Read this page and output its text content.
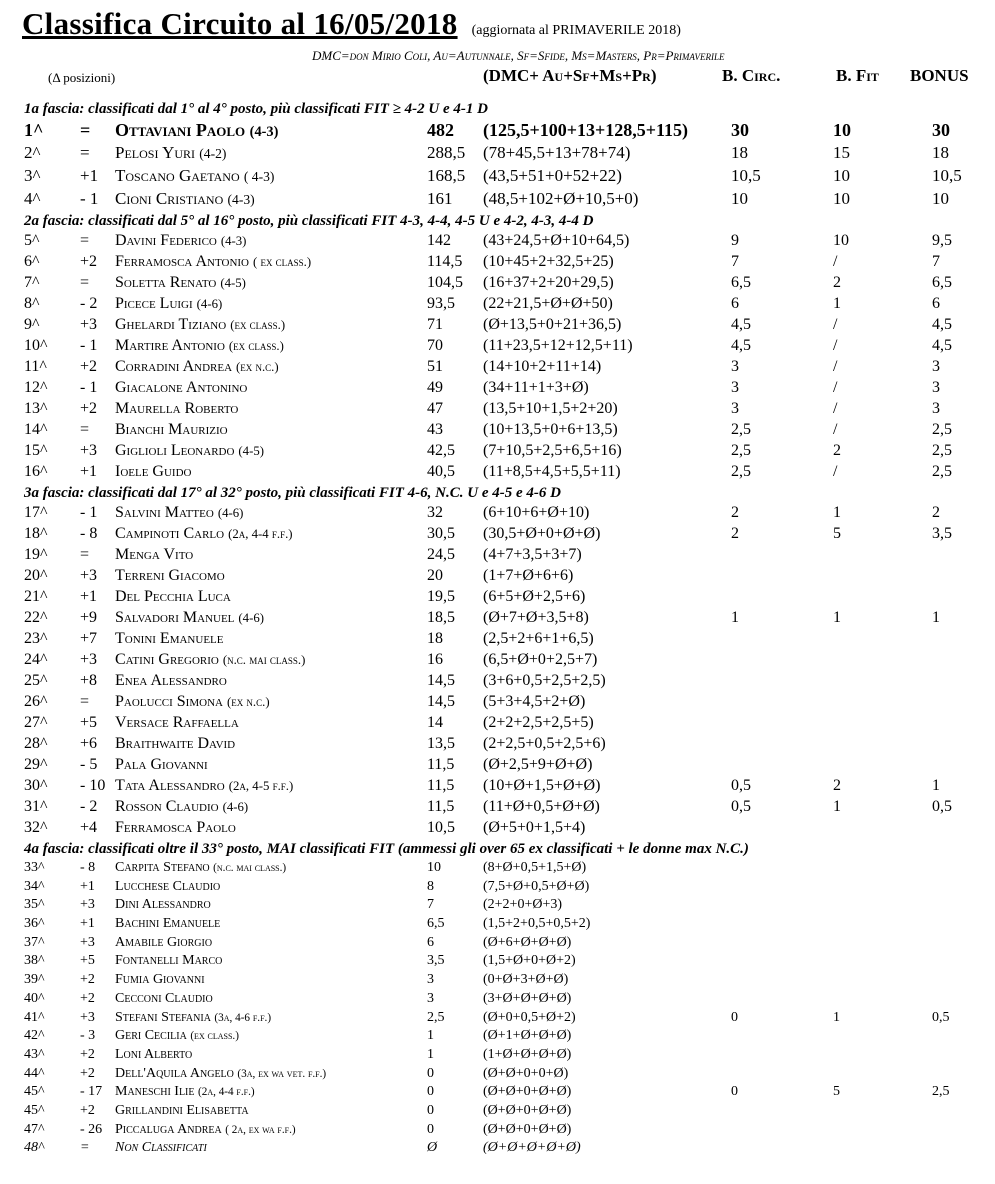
Classifica Circuito al 16/05/2018 (aggiornata al PRIMAVERILE 2018)
DMC=don Mirio Coli, Au=Autunnale, Sf=Sfide, Ms=Masters, Pr=Primaverile
(Δ posizioni)	(DMC+ Au+Sf+Ms+Pr)	B. Circ.	B. Fit BONUS
1a fascia: classificati dal 1° al 4° posto, più classificati FIT ≥ 4-2 U e 4-1 D
1^ = Ottaviani Paolo (4-3)	482 (125,5+100+13+128,5+115) 30	10	30
2^ = Pelosi Yuri (4-2)	288,5 (78+45,5+13+78+74)	18	15	18
3^ +1 Toscano Gaetano ( 4-3)	168,5 (43,5+51+0+52+22)	10,5	10	10,5
4^ - 1 Cioni Cristiano (4-3)	161 (48,5+102+Ø+10,5+0)	10	10	10
2a fascia: classificati dal 5° al 16° posto, più classificati FIT 4-3, 4-4, 4-5 U e 4-2, 4-3, 4-4 D
5^	= Davini Federico (4-3)	142 (43+24,5+Ø+10+64,5)	9	10	9,5
6^	+2 Ferramosca Antonio ( ex class.)	114,5 (10+45+2+32,5+25)	7	/	7
7^	= Soletta Renato (4-5)	104,5 (16+37+2+20+29,5)	6,5	2	6,5
8^	- 2 Picece Luigi (4-6)	93,5 (22+21,5+Ø+Ø+50)	6	1	6
9^	+3 Ghelardi Tiziano (ex class.)	71	(Ø+13,5+0+21+36,5)	4,5	/	4,5
10^ - 1 Martire Antonio (ex class.)	70	(11+23,5+12+12,5+11)	4,5	/	4,5
11^ +2 Corradini Andrea (ex n.c.)	51	(14+10+2+11+14)	3	/	3
12^ - 1 Giacalone Antonino	49	(34+11+1+3+Ø)	3	/	3
13^ +2 Maurella Roberto	47	(13,5+10+1,5+2+20)	3	/	3
14^ = Bianchi Maurizio	43	(10+13,5+0+6+13,5)	2,5	/	2,5
15^ +3 Giglioli Leonardo (4-5)	42,5 (7+10,5+2,5+6,5+16)	2,5	2	2,5
16^ +1 Ioele Guido	40,5 (11+8,5+4,5+5,5+11)	2,5	/	2,5
3a fascia: classificati dal 17° al 32° posto, più classificati FIT 4-6, N.C. U e 4-5 e 4-6 D
17^ - 1 Salvini Matteo (4-6)	32	(6+10+6+Ø+10)	2	1	2
18^ - 8 Campinoti Carlo (2a, 4-4 f.f.)	30,5 (30,5+Ø+0+Ø+Ø)	2	5	3,5
19^ = Menga Vito	24,5 (4+7+3,5+3+7)
20^ +3 Terreni Giacomo	20	(1+7+Ø+6+6)
21^ +1 Del Pecchia Luca	19,5 (6+5+Ø+2,5+6)
22^ +9 Salvadori Manuel (4-6)	18,5 (Ø+7+Ø+3,5+8)	1	1	1
23^ +7 Tonini Emanuele	18	(2,5+2+6+1+6,5)
24^ +3 Catini Gregorio (n.c. mai class.)	16	(6,5+Ø+0+2,5+7)
25^ +8 Enea Alessandro	14,5 (3+6+0,5+2,5+2,5)
26^ = Paolucci Simona (ex n.c.)	14,5 (5+3+4,5+2+Ø)
27^ +5 Versace Raffaella	14	(2+2+2,5+2,5+5)
28^ +6 Braithwaite David	13,5 (2+2,5+0,5+2,5+6)
29^ - 5 Pala Giovanni	11,5 (Ø+2,5+9+Ø+Ø)
30^ - 10 Tata Alessandro (2a, 4-5 f.f.)	11,5 (10+Ø+1,5+Ø+Ø)	0,5	2	1
31^ - 2 Rosson Claudio (4-6)	11,5 (11+Ø+0,5+Ø+Ø)	0,5	1	0,5
32^ +4 Ferramosca Paolo	10,5 (Ø+5+0+1,5+4)
4a fascia: classificati oltre il 33° posto, MAI classificati FIT (ammessi gli over 65 ex classificati + le donne max N.C.)
33^	- 8 Carpita Stefano (n.c. mai class.)	10	(8+Ø+0,5+1,5+Ø)
34^	+1 Lucchese Claudio	8	(7,5+Ø+0,5+Ø+Ø)
35^	+3 Dini Alessandro	7	(2+2+0+Ø+3)
36^	+1 Bachini Emanuele	6,5	(1,5+2+0,5+0,5+2)
37^	+3 Amabile Giorgio	6	(Ø+6+Ø+Ø+Ø)
38^	+5 Fontanelli Marco	3,5	(1,5+Ø+0+Ø+2)
39^	+2 Fumia Giovanni	3	(0+Ø+3+Ø+Ø)
40^	+2 Cecconi Claudio	3	(3+Ø+Ø+Ø+Ø)
41^	+3 Stefani Stefania (3a, 4-6 f.f.)	2,5	(Ø+0+0,5+Ø+2)	0	1	0,5
42^	- 3 Geri Cecilia (ex class.)	1	(Ø+1+Ø+Ø+Ø)
43^	+2 Loni Alberto	1	(1+Ø+Ø+Ø+Ø)
44^	+2 Dell'Aquila Angelo (3a, ex wa vet. f.f.)	0	(Ø+Ø+0+0+Ø)
45^	- 17 Maneschi Ilie (2a, 4-4 f.f.)	0	(Ø+Ø+0+Ø+Ø)	0	5	2,5
45^	+2 Grillandini Elisabetta	0	(Ø+Ø+0+Ø+Ø)
47^	- 26 Piccaluga Andrea ( 2a, ex wa f.f.)	0	(Ø+Ø+0+Ø+Ø)
48^	= Non Classificati	Ø	(Ø+Ø+Ø+Ø+Ø)
